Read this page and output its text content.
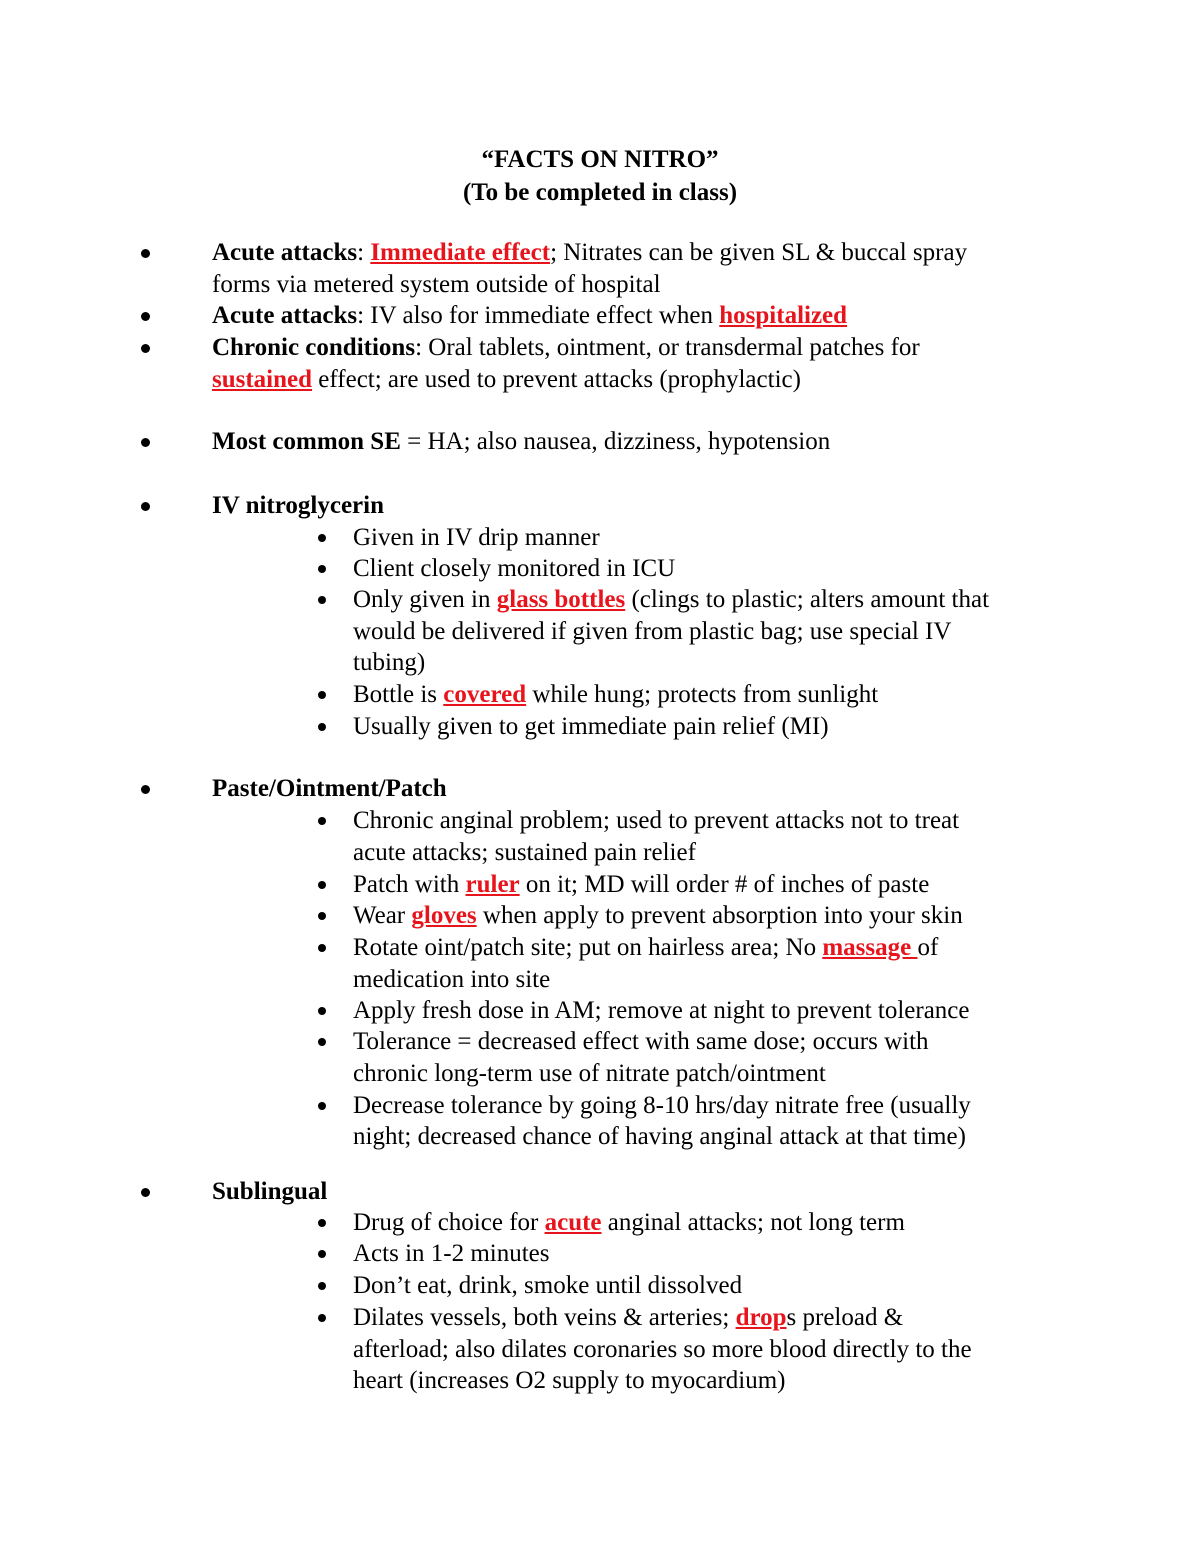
“FACTS ON NITRO”
(To be completed in class)
Acute attacks: Immediate effect; Nitrates can be given SL & buccal spray
forms via metered system outside of hospital
Acute attacks: IV also for immediate effect when hospitalized
Chronic conditions: Oral tablets, ointment, or transdermal patches for
sustained effect; are used to prevent attacks (prophylactic)
Most common SE = HA; also nausea, dizziness, hypotension
IV nitroglycerin
Given in IV drip manner
Client closely monitored in ICU
Only given in glass bottles (clings to plastic; alters amount that
would be delivered if given from plastic bag; use special IV
tubing)
Bottle is covered while hung; protects from sunlight
Usually given to get immediate pain relief (MI)
Paste/Ointment/Patch
Chronic anginal problem; used to prevent attacks not to treat
acute attacks; sustained pain relief
Patch with ruler on it; MD will order # of inches of paste
Wear gloves when apply to prevent absorption into your skin
Rotate oint/patch site; put on hairless area; No massage of
medication into site
Apply fresh dose in AM; remove at night to prevent tolerance
Tolerance = decreased effect with same dose; occurs with
chronic long-term use of nitrate patch/ointment
Decrease tolerance by going 8-10 hrs/day nitrate free (usually
night; decreased chance of having anginal attack at that time)
Sublingual
Drug of choice for acute anginal attacks; not long term
Acts in 1-2 minutes
Don’t eat, drink, smoke until dissolved
Dilates vessels, both veins & arteries; drops preload &
afterload; also dilates coronaries so more blood directly to the
heart (increases O2 supply to myocardium)
